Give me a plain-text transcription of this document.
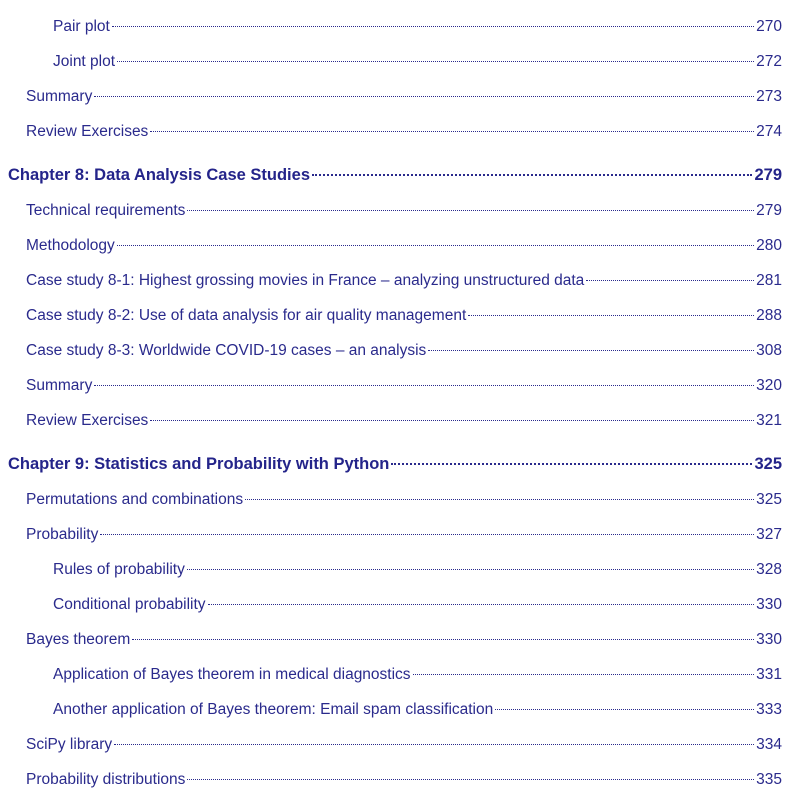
Pair plot	270
Joint plot	272
Summary	273
Review Exercises	274
Chapter 8: Data Analysis Case Studies	279
Technical requirements	279
Methodology	280
Case study 8-1: Highest grossing movies in France – analyzing unstructured data	281
Case study 8-2: Use of data analysis for air quality management	288
Case study 8-3: Worldwide COVID-19 cases – an analysis	308
Summary	320
Review Exercises	321
Chapter 9: Statistics and Probability with Python	325
Permutations and combinations	325
Probability	327
Rules of probability	328
Conditional probability	330
Bayes theorem	330
Application of Bayes theorem in medical diagnostics	331
Another application of Bayes theorem: Email spam classification	333
SciPy library	334
Probability distributions	335
